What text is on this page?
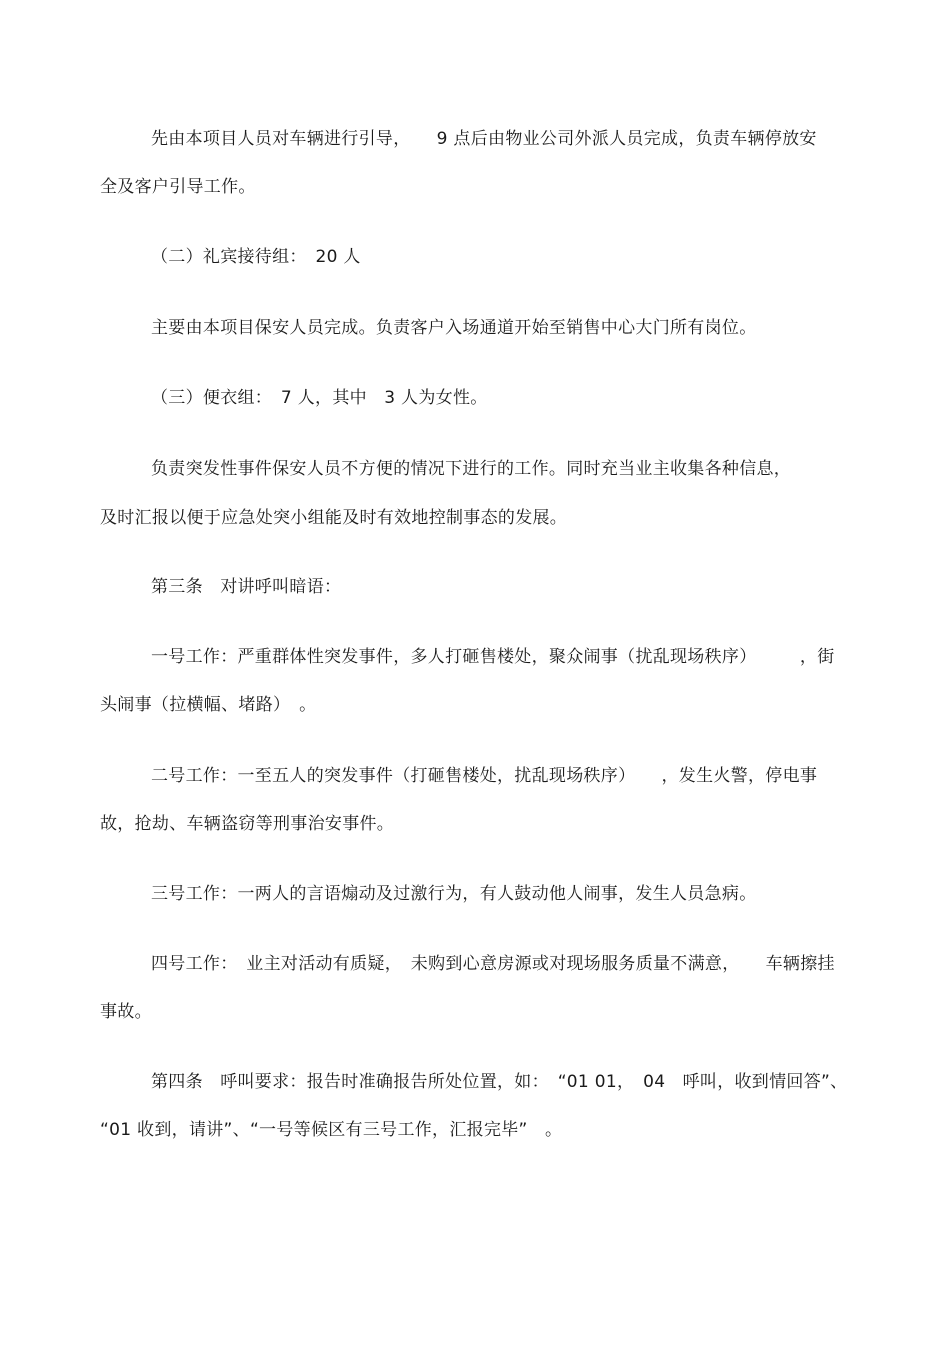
先由本项目人员对车辆进行引导，　　9 点后由物业公司外派人员完成，负责车辆停放安
全及客户引导工作。
（二）礼宾接待组：　20 人
主要由本项目保安人员完成。负责客户入场通道开始至销售中心大门所有岗位。
（三）便衣组：　7 人，其中　3 人为女性。
负责突发性事件保安人员不方便的情况下进行的工作。同时充当业主收集各种信息，
及时汇报以便于应急处突小组能及时有效地控制事态的发展。
第三条　对讲呼叫暗语：
一号工作：严重群体性突发事件，多人打砸售楼处，聚众闹事（扰乱现场秩序）　　　，街
头闹事（拉横幅、堵路）　。
二号工作：一至五人的突发事件（打砸售楼处，扰乱现场秩序）　　，发生火警，停电事
故，抢劫、车辆盗窃等刑事治安事件。
三号工作：一两人的言语煽动及过激行为，有人鼓动他人闹事，发生人员急病。
四号工作：　业主对活动有质疑，　未购到心意房源或对现场服务质量不满意，　　车辆擦挂
事故。
第四条　呼叫要求：报告时准确报告所处位置，如：　“01 01，　04　呼叫，收到情回答”、
“01 收到，请讲”、“一号等候区有三号工作，汇报完毕”　。
